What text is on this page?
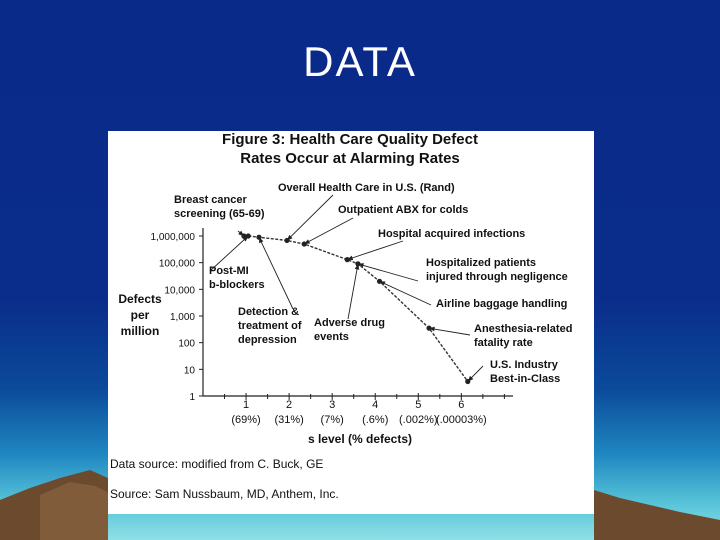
DATA
Figure 3: Health Care Quality Defect
Rates Occur at Alarming Rates
Defects
per
million
1
10
100
1,000
10,000
100,000
1,000,000
1
(69%)
2
(31%)
3
(7%)
4
(.6%)
5
(.002%)
6
(.00003%)
Breast cancer
screening (65-69)
Overall Health Care in U.S. (Rand)
Outpatient ABX for colds
Hospital acquired infections
Post-MI
b-blockers
Hospitalized patients
injured through negligence
Airline baggage handling
Detection &
treatment of
depression
Adverse drug
events
Anesthesia-related
fatality rate
U.S. Industry
Best-in-Class
s level (% defects)
Data source: modified from C. Buck, GE
Source: Sam Nussbaum, MD, Anthem, Inc.
